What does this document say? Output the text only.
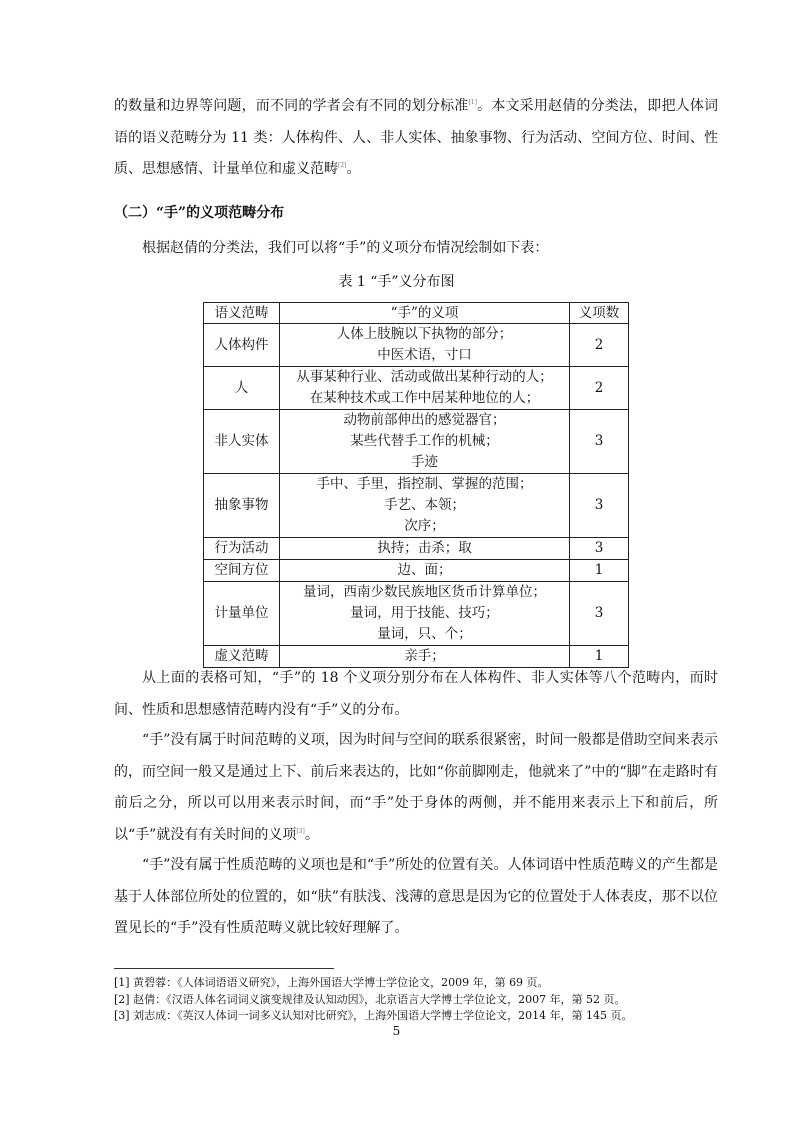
的数量和边界等问题，而不同的学者会有不同的划分标准[1]。本文采用赵倩的分类法，即把人体词语的语义范畴分为 11 类：人体构件、人、非人实体、抽象事物、行为活动、空间方位、时间、性质、思想感情、计量单位和虚义范畴[2]。

（二）“手”的义项范畴分布

根据赵倩的分类法，我们可以将“手”的义项分布情况绘制如下表：

表 1 “手”义分布图

语义范畴	“手”的义项	义项数
人体构件	人体上肢腕以下执物的部分；
中医术语，寸口	2
人	从事某种行业、活动或做出某种行动的人；
在某种技术或工作中居某种地位的人；	2
非人实体	动物前部伸出的感觉器官；
某些代替手工作的机械；
手迹	3
抽象事物	手中、手里，指控制、掌握的范围；
手艺、本领；
次序；	3
行为活动	执持；击杀；取	3
空间方位	边、面；	1
计量单位	量词，西南少数民族地区货币计算单位；
量词，用于技能、技巧；
量词，只、个；	3
虚义范畴	亲手；	1

从上面的表格可知，“手”的 18 个义项分别分布在人体构件、非人实体等八个范畴内，而时间、性质和思想感情范畴内没有“手”义的分布。

“手”没有属于时间范畴的义项，因为时间与空间的联系很紧密，时间一般都是借助空间来表示的，而空间一般又是通过上下、前后来表达的，比如“你前脚刚走，他就来了”中的“脚”在走路时有前后之分，所以可以用来表示时间，而“手”处于身体的两侧，并不能用来表示上下和前后，所以“手”就没有有关时间的义项[3]。

“手”没有属于性质范畴的义项也是和“手”所处的位置有关。人体词语中性质范畴义的产生都是基于人体部位所处的位置的，如“肤”有肤浅、浅薄的意思是因为它的位置处于人体表皮，那不以位置见长的“手”没有性质范畴义就比较好理解了。

[1] 黄碧蓉：《人体词语语义研究》，上海外国语大学博士学位论文，2009 年，第 69 页。
[2] 赵倩：《汉语人体名词词义演变规律及认知动因》，北京语言大学博士学位论文，2007 年，第 52 页。
[3] 刘志成：《英汉人体词一词多义认知对比研究》，上海外国语大学博士学位论文，2014 年，第 145 页。

5
